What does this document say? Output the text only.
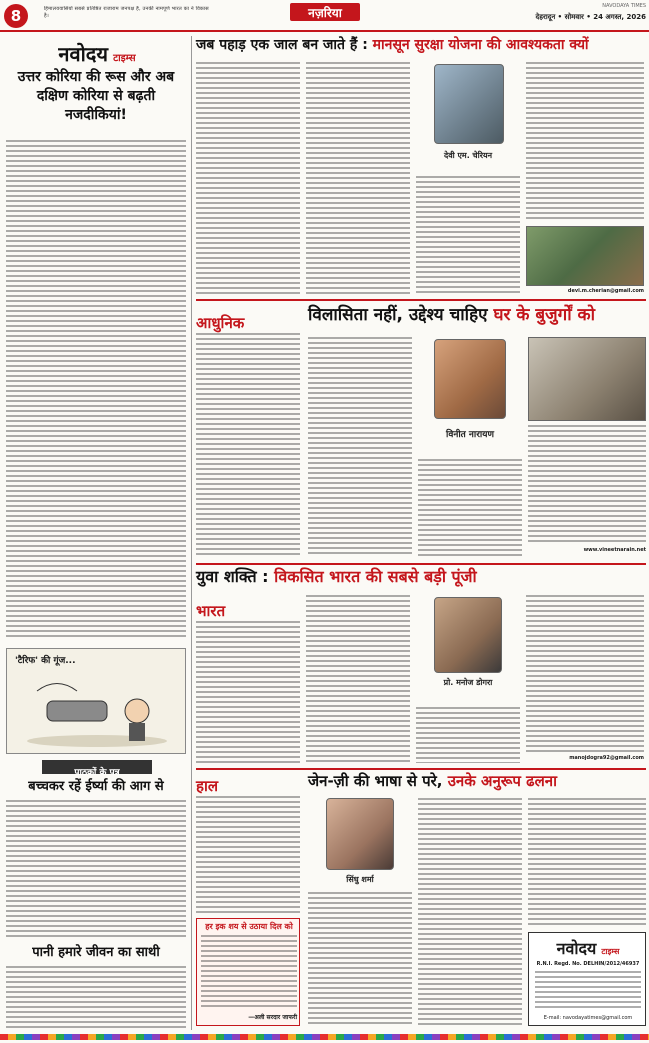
8	हिमालयवासियों सबसे प्रतिष्ठित राजाराम जनपक्ष है, उनकी नामपूर्ण भारत का ने विकास है।	नज़रिया	NAVODAYA TIMES
देहरादून • सोमवार • 24 अगस्त, 2026
नवोदय टाइम्स
उत्तर कोरिया की रूस और अब दक्षिण कोरिया से बढ़ती नजदीकियां!
'टैरिफ' की गूंज...
पाठकों के पत्र
बच्चकर रहें ईर्ष्या की आग से
पानी हमारे जीवन का साथी
जब पहाड़ एक जाल बन जाते हैं : मानसून सुरक्षा योजना की आवश्यकता क्यों
देवी एम. चेरियन
devi.m.cherian@gmail.com
आधुनिक	विलासिता नहीं, उद्देश्य चाहिए घर के बुजुर्गों को
विनीत नारायण
www.vineetnarain.net
युवा शक्ति : विकसित भारत की सबसे बड़ी पूंजी
भारत
प्रो. मनोज डोगरा
manojdogra92@gmail.com
हाल
हर इक शय से उठाया दिल को
—अली सरदार जाफरी
जेन-ज़ी की भाषा से परे, उनके अनुरूप ढलना
सिंधु शर्मा
नवोदय टाइम्स
R.N.I. Regd. No. DELHIN/2012/46937
E-mail: navodayatimes@gmail.com
